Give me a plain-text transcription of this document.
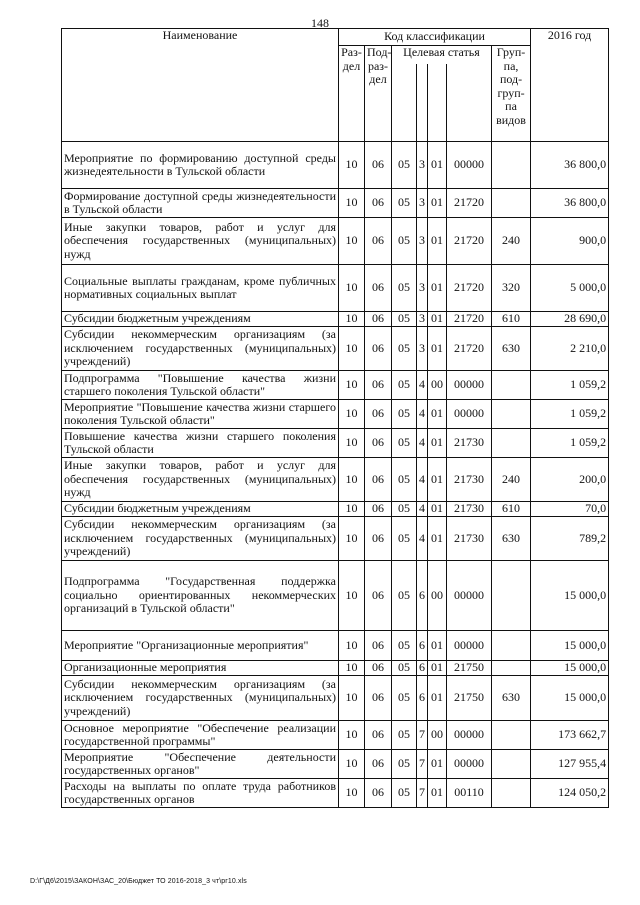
148
Наименование	Код классификации							2016 год
	Раз-дел	Под-раз-дел	Целевая статья				Груп-па, под-груп-па видов	

Мероприятие по формированию доступной среды жизнедеятельности в Тульской области	10	06	05	3	01	00000		36 800,0
Формирование доступной среды жизнедеятельности в Тульской области	10	06	05	3	01	21720		36 800,0
Иные закупки товаров, работ и услуг для обеспечения государственных (муниципальных) нужд	10	06	05	3	01	21720	240	900,0
Социальные выплаты гражданам, кроме публичных нормативных социальных выплат	10	06	05	3	01	21720	320	5 000,0
Субсидии бюджетным учреждениям	10	06	05	3	01	21720	610	28 690,0
Субсидии некоммерческим организациям (за исключением государственных (муниципальных) учреждений)	10	06	05	3	01	21720	630	2 210,0
Подпрограмма "Повышение качества жизни старшего поколения Тульской области"	10	06	05	4	00	00000		1 059,2
Мероприятие "Повышение качества жизни старшего поколения Тульской области"	10	06	05	4	01	00000		1 059,2
Повышение качества жизни старшего поколения Тульской области	10	06	05	4	01	21730		1 059,2
Иные закупки товаров, работ и услуг для обеспечения государственных (муниципальных) нужд	10	06	05	4	01	21730	240	200,0
Субсидии бюджетным учреждениям	10	06	05	4	01	21730	610	70,0
Субсидии некоммерческим организациям (за исключением государственных (муниципальных) учреждений)	10	06	05	4	01	21730	630	789,2
Подпрограмма "Государственная поддержка социально ориентированных некоммерческих организаций в Тульской области"	10	06	05	6	00	00000		15 000,0
Мероприятие "Организационные мероприятия"	10	06	05	6	01	00000		15 000,0
Организационные мероприятия	10	06	05	6	01	21750		15 000,0
Субсидии некоммерческим организациям (за исключением государственных (муниципальных) учреждений)	10	06	05	6	01	21750	630	15 000,0
Основное мероприятие "Обеспечение реализации государственной программы"	10	06	05	7	00	00000		173 662,7
Мероприятие "Обеспечение деятельности государственных органов"	10	06	05	7	01	00000		127 955,4
Расходы на выплаты по оплате труда работников государственных органов	10	06	05	7	01	00110		124 050,2
D:\Г\Д6\2015\ЗАКОН\ЗАС_20\Бюджет ТО 2016-2018_3 чт\рг10.xls
